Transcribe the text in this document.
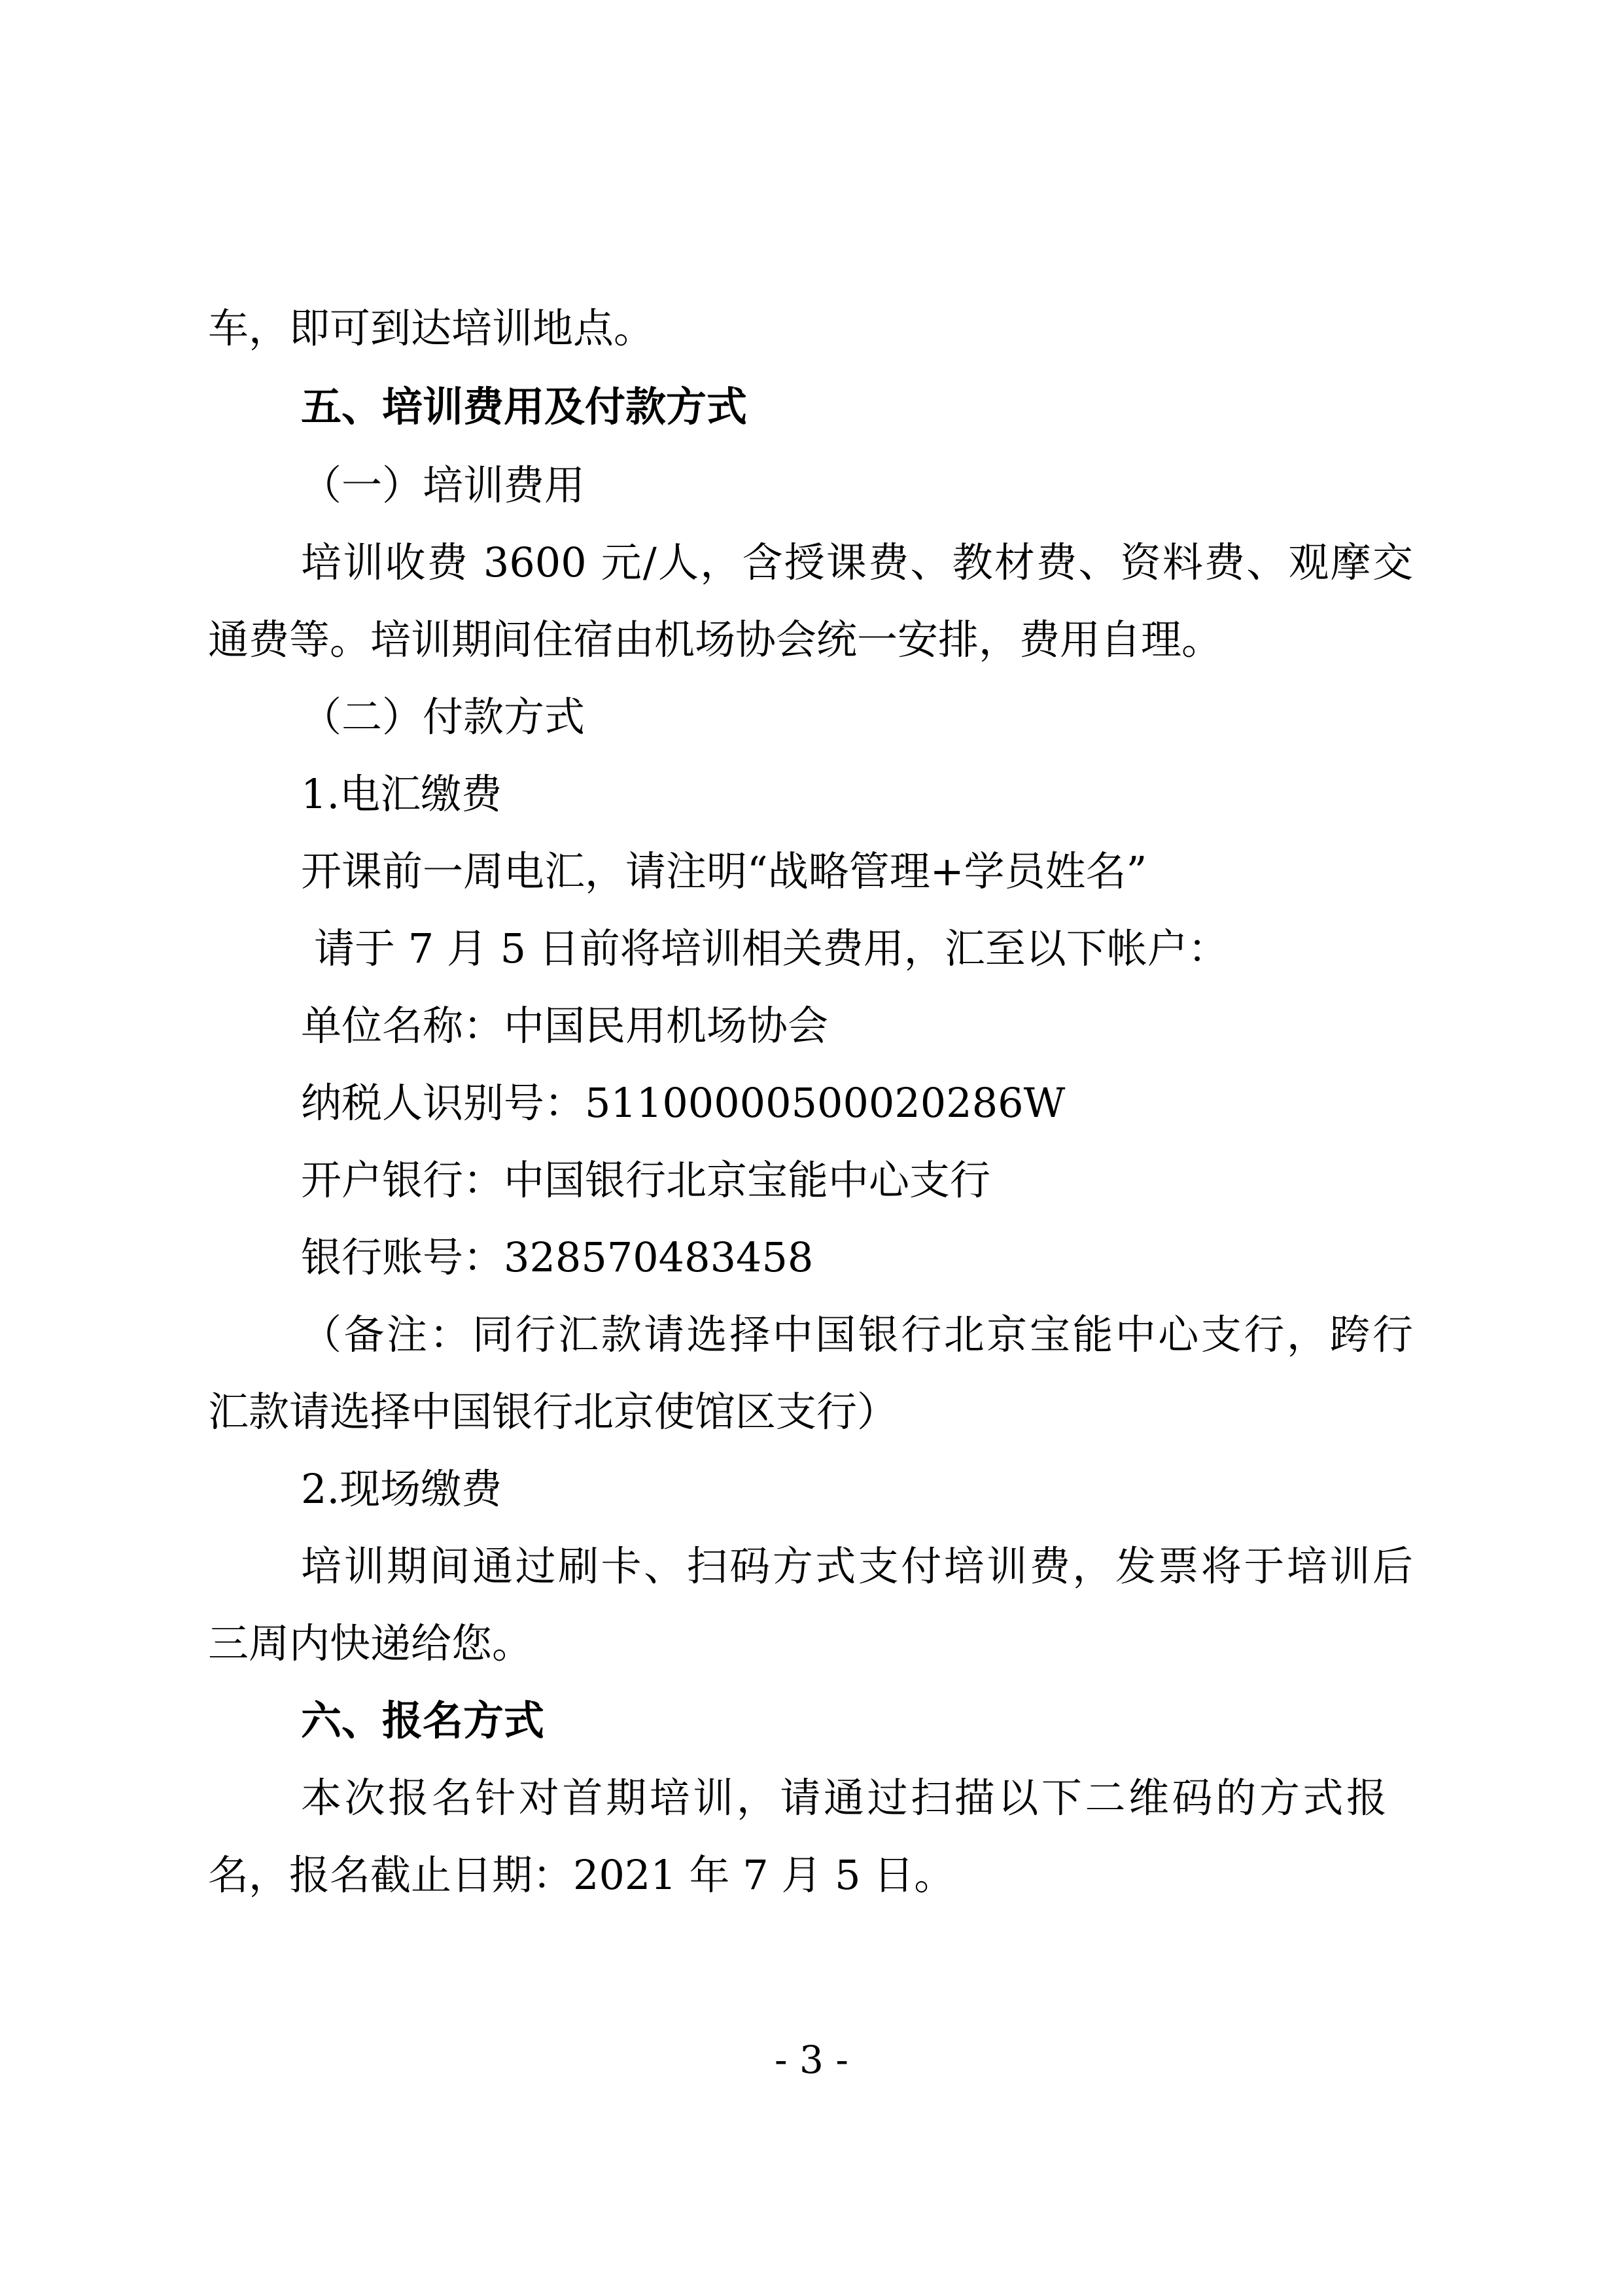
车，即可到达培训地点。
五、培训费用及付款方式
（一）培训费用
培训收费 3600 元/人，含授课费、教材费、资料费、观摩交
通费等。培训期间住宿由机场协会统一安排，费用自理。
（二）付款方式
1.电汇缴费
开课前一周电汇，请注明“战略管理+学员姓名”
请于 7 月 5 日前将培训相关费用，汇至以下帐户：
单位名称：中国民用机场协会
纳税人识别号：51100000500020286W
开户银行：中国银行北京宝能中心支行
银行账号：328570483458
（备注：同行汇款请选择中国银行北京宝能中心支行，跨行
汇款请选择中国银行北京使馆区支行）
2.现场缴费
培训期间通过刷卡、扫码方式支付培训费，发票将于培训后
三周内快递给您。
六、报名方式
本次报名针对首期培训，请通过扫描以下二维码的方式报
名，报名截止日期：2021 年 7 月 5 日。
- 3 -
